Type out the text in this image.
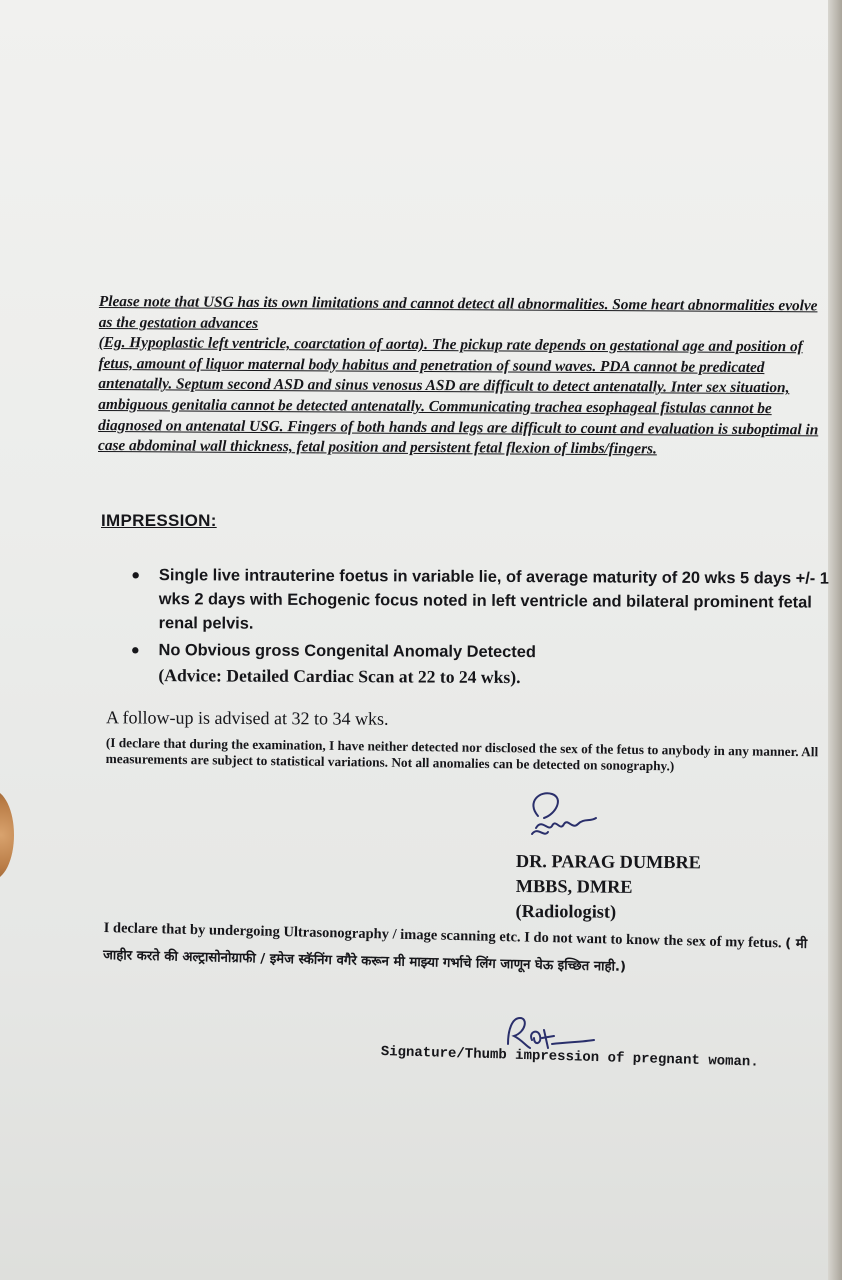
Please note that USG has its own limitations and cannot detect all abnormalities. Some heart abnormalities evolve as the gestation advances

(Eg. Hypoplastic left ventricle, coarctation of aorta). The pickup rate depends on gestational age and position of fetus, amount of liquor maternal body habitus and penetration of sound waves. PDA cannot be predicated antenatally. Septum second ASD and sinus venosus ASD are difficult to detect antenatally. Inter sex situation, ambiguous genitalia cannot be detected antenatally. Communicating trachea esophageal fistulas cannot be diagnosed on antenatal USG. Fingers of both hands and legs are difficult to count and evaluation is suboptimal in case abdominal wall thickness, fetal position and persistent fetal flexion of limbs/fingers.

IMPRESSION:
• Single live intrauterine foetus in variable lie, of average maturity of 20 wks 5 days +/- 1 wks 2 days with Echogenic focus noted in left ventricle and bilateral prominent fetal renal pelvis.
• No Obvious gross Congenital Anomaly Detected
(Advice: Detailed Cardiac Scan at 22 to 24 wks).
A follow-up is advised at 32 to 34 wks.
(I declare that during the examination, I have neither detected nor disclosed the sex of the fetus to anybody in any manner. All measurements are subject to statistical variations. Not all anomalies can be detected on sonography.)
DR. PARAG DUMBRE
MBBS, DMRE
(Radiologist)
I declare that by undergoing Ultrasonography / image scanning etc. I do not want to know the sex of my fetus. ( मी जाहीर करते की अल्ट्रासोनोग्राफी / इमेज स्कॅनिंग वगैरे करून मी माझ्या गर्भाचे लिंग जाणून घेऊ इच्छित नाही.)
Signature/Thumb impression of pregnant woman.
